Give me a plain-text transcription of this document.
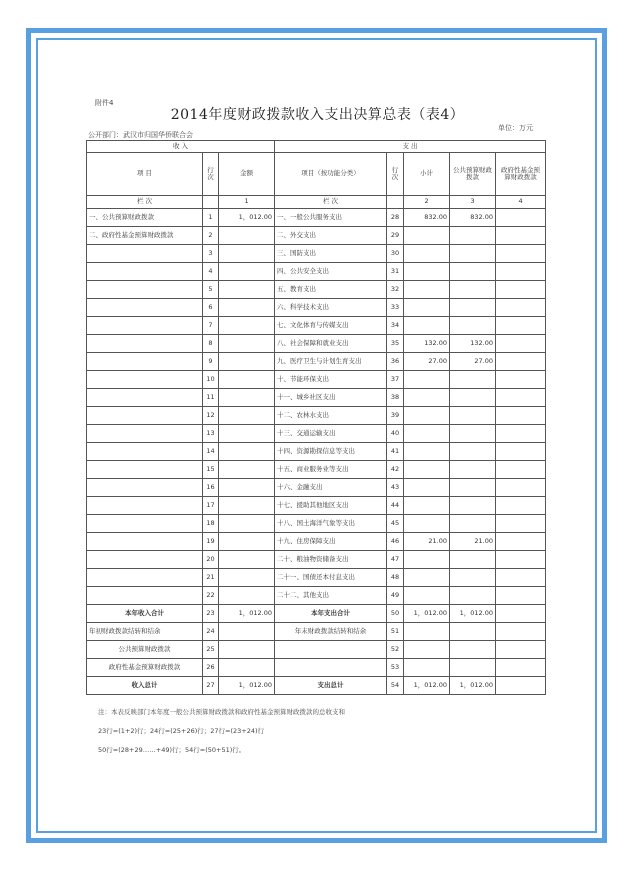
附件4
2014年度财政拨款收入支出决算总表（表4）
单位：万元
公开部门：武汉市归国华侨联合会
收 入			支 出				
项 目	行次	金额	项目（按功能分类）	行次	小计	公共预算财政拨款	政府性基金预算财政拨款
栏 次		1	栏 次		2	3	4
一、公共预算财政拨款	1	1，012.00	一、一般公共服务支出	28	832.00	832.00	
二、政府性基金预算财政拨款	2		二、外交支出	29			
	3		三、国防支出	30			
	4		四、公共安全支出	31			
	5		五、教育支出	32			
	6		六、科学技术支出	33			
	7		七、文化体育与传媒支出	34			
	8		八、社会保障和就业支出	35	132.00	132.00	
	9		九、医疗卫生与计划生育支出	36	27.00	27.00	
	10		十、节能环保支出	37			
	11		十一、城乡社区支出	38			
	12		十二、农林水支出	39			
	13		十三、交通运输支出	40			
	14		十四、资源勘探信息等支出	41			
	15		十五、商业服务业等支出	42			
	16		十六、金融支出	43			
	17		十七、援助其他地区支出	44			
	18		十八、国土海洋气象等支出	45			
	19		十九、住房保障支出	46	21.00	21.00	
	20		二十、粮油物资储备支出	47			
	21		二十一、国债还本付息支出	48			
	22		二十二、其他支出	49			
本年收入合计	23	1，012.00	本年支出合计	50	1，012.00	1，012.00	
年初财政拨款结转和结余	24		年末财政拨款结转和结余	51			
公共预算财政拨款	25			52			
政府性基金预算财政拨款	26			53			
收入总计	27	1，012.00	支出总计	54	1，012.00	1，012.00	
注：本表反映部门本年度一般公共预算财政拨款和政府性基金预算财政拨款的总收支和
23行=(1+2)行；24行=(25+26)行；27行=(23+24)行
50行=(28+29……+49)行；54行=(50+51)行。
